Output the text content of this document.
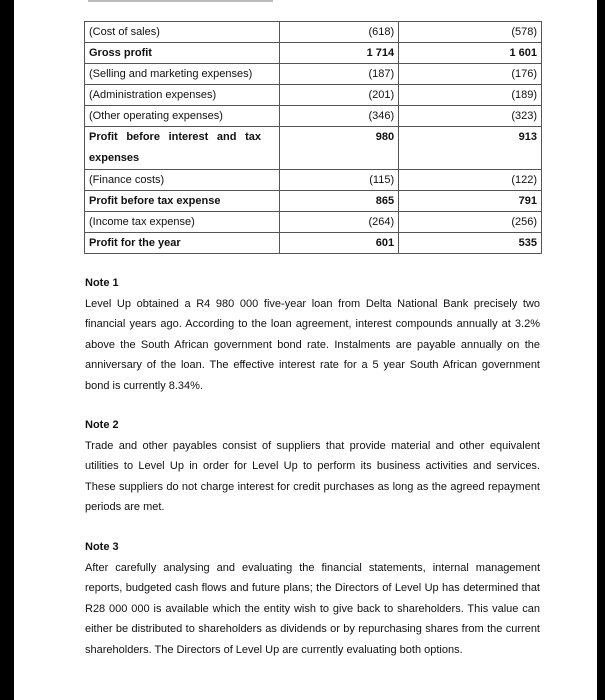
(Cost of sales)	(618)	(578)
Gross profit	1 714	1 601
(Selling and marketing expenses)	(187)	(176)
(Administration expenses)	(201)	(189)
(Other operating expenses)	(346)	(323)

Profit before interest and tax expenses	980	913
(Finance costs)	(115)	(122)
Profit before tax expense	865	791
(Income tax expense)	(264)	(256)
Profit for the year	601	535
Note 1

Level Up obtained a R4 980 000 five-year loan from Delta National Bank precisely two financial years ago. According to the loan agreement, interest compounds annually at 3.2% above the South African government bond rate. Instalments are payable annually on the anniversary of the loan. The effective interest rate for a 5 year South African government bond is currently 8.34%.

Note 2

Trade and other payables consist of suppliers that provide material and other equivalent utilities to Level Up in order for Level Up to perform its business activities and services. These suppliers do not charge interest for credit purchases as long as the agreed repayment periods are met.

Note 3

After carefully analysing and evaluating the financial statements, internal management reports, budgeted cash flows and future plans; the Directors of Level Up has determined that R28 000 000 is available which the entity wish to give back to shareholders. This value can either be distributed to shareholders as dividends or by repurchasing shares from the current shareholders. The Directors of Level Up are currently evaluating both options.
